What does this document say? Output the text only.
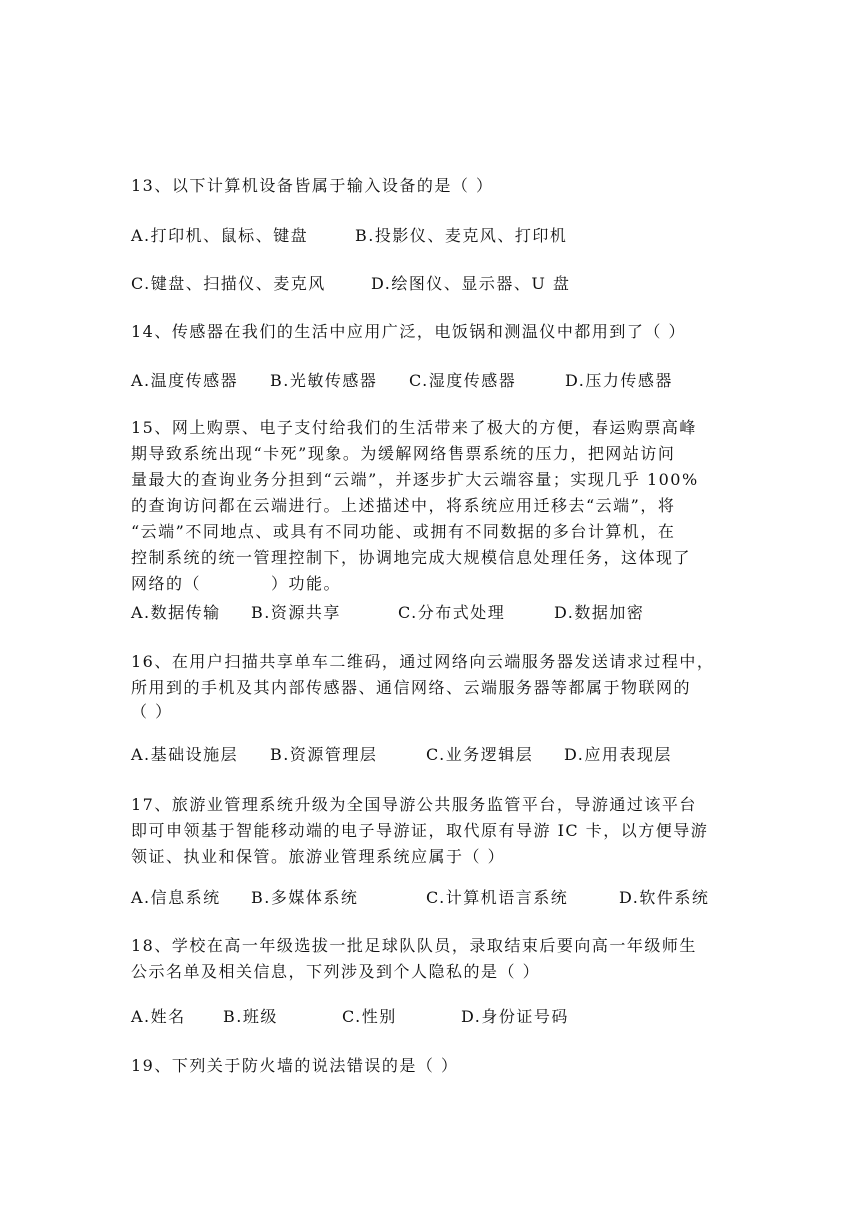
13、以下计算机设备皆属于输入设备的是（ ）
A.打印机、鼠标、键盘	B.投影仪、麦克风、打印机
C.键盘、扫描仪、麦克风	D.绘图仪、显示器、U 盘
14、传感器在我们的生活中应用广泛，电饭锅和测温仪中都用到了（ ）
A.温度传感器 B.光敏传感器 C.湿度传感器	D.压力传感器
15、网上购票、电子支付给我们的生活带来了极大的方便，春运购票高峰
期导致系统出现“卡死”现象。为缓解网络售票系统的压力，把网站访问
量最大的查询业务分担到“云端”，并逐步扩大云端容量；实现几乎 100%
的查询访问都在云端进行。上述描述中，将系统应用迁移去“云端”，将
“云端”不同地点、或具有不同功能、或拥有不同数据的多台计算机，在
控制系统的统一管理控制下，协调地完成大规模信息处理任务，这体现了
网络的（　　　　）功能。
A.数据传输 B.资源共享	C.分布式处理	D.数据加密
16、在用户扫描共享单车二维码，通过网络向云端服务器发送请求过程中，
所用到的手机及其内部传感器、通信网络、云端服务器等都属于物联网的
（ ）
A.基础设施层 B.资源管理层	C.业务逻辑层 D.应用表现层
17、旅游业管理系统升级为全国导游公共服务监管平台，导游通过该平台
即可申领基于智能移动端的电子导游证，取代原有导游 IC 卡，以方便导游
领证、执业和保管。旅游业管理系统应属于（ ）
A.信息系统 B.多媒体系统	C.计算机语言系统	D.软件系统
18、学校在高一年级选拔一批足球队队员，录取结束后要向高一年级师生
公示名单及相关信息，下列涉及到个人隐私的是（ ）
A.姓名 B.班级	C.性别	D.身份证号码
19、下列关于防火墙的说法错误的是（ ）
